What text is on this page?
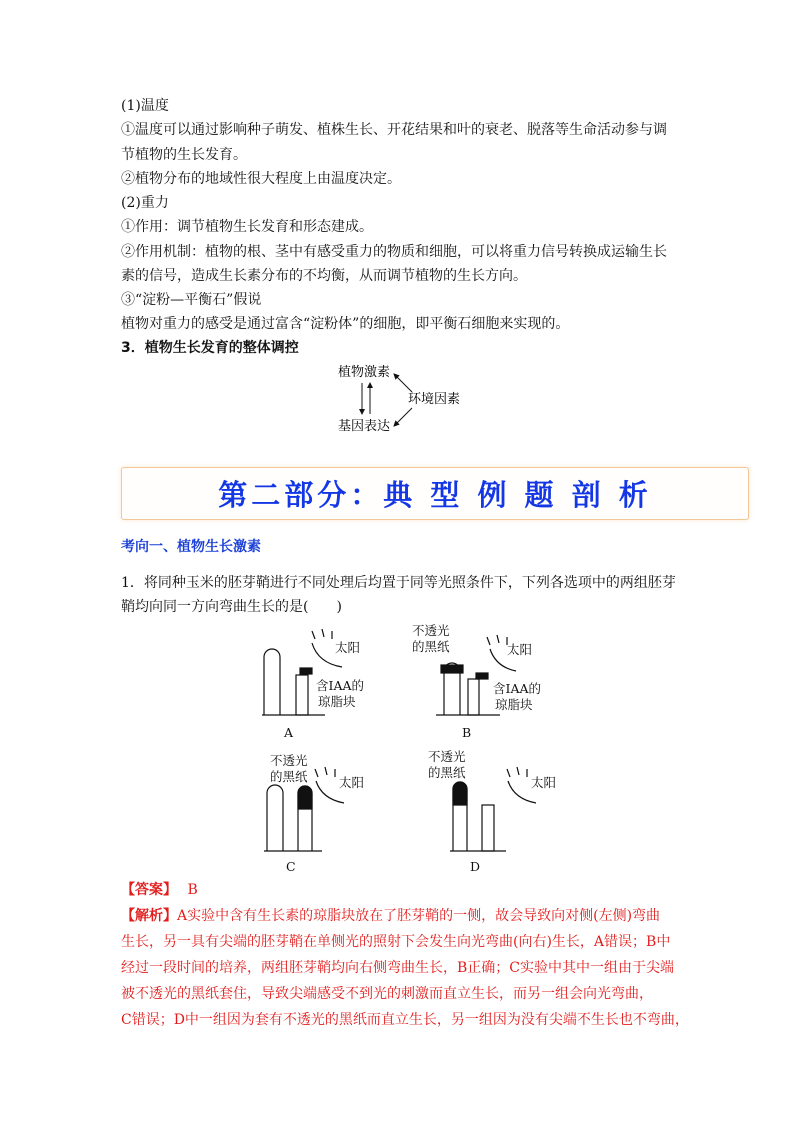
(1)温度
①温度可以通过影响种子萌发、植株生长、开花结果和叶的衰老、脱落等生命活动参与调
节植物的生长发育。
②植物分布的地域性很大程度上由温度决定。
(2)重力
①作用：调节植物生长发育和形态建成。
②作用机制：植物的根、茎中有感受重力的物质和细胞，可以将重力信号转换成运输生长
素的信号，造成生长素分布的不均衡，从而调节植物的生长方向。
③“淀粉—平衡石”假说
植物对重力的感受是通过富含“淀粉体”的细胞，即平衡石细胞来实现的。
3．植物生长发育的整体调控
植物激素
环境因素
基因表达
第二部分：典 型 例 题 剖 析
考向一、植物生长激素
1．将同种玉米的胚芽鞘进行不同处理后均置于同等光照条件下，下列各选项中的两组胚芽
鞘均向同一方向弯曲生长的是(　　)
太阳
含IAA的
琼脂块
A
不透光
的黑纸	太阳
含IAA的
琼脂块
B
不透光
的黑纸	太阳
C
不透光
的黑纸
太阳
D
【答案】 B
【解析】A实验中含有生长素的琼脂块放在了胚芽鞘的一侧，故会导致向对侧(左侧)弯曲
生长，另一具有尖端的胚芽鞘在单侧光的照射下会发生向光弯曲(向右)生长，A错误；B中
经过一段时间的培养，两组胚芽鞘均向右侧弯曲生长，B正确；C实验中其中一组由于尖端
被不透光的黑纸套住，导致尖端感受不到光的刺激而直立生长，而另一组会向光弯曲，
C错误；D中一组因为套有不透光的黑纸而直立生长，另一组因为没有尖端不生长也不弯曲，
